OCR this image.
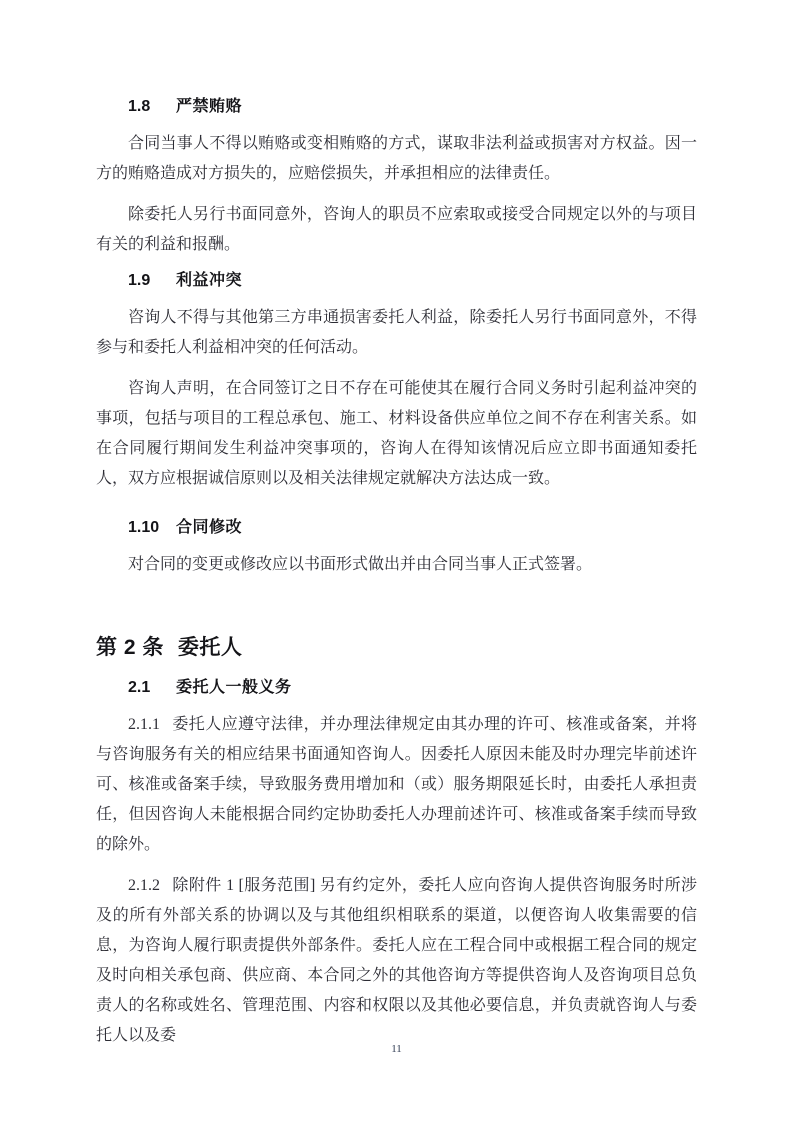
1.8 严禁贿赂

合同当事人不得以贿赂或变相贿赂的方式，谋取非法利益或损害对方权益。因一方的贿赂造成对方损失的，应赔偿损失，并承担相应的法律责任。

除委托人另行书面同意外，咨询人的职员不应索取或接受合同规定以外的与项目有关的利益和报酬。

1.9 利益冲突

咨询人不得与其他第三方串通损害委托人利益，除委托人另行书面同意外，不得参与和委托人利益相冲突的任何活动。

咨询人声明，在合同签订之日不存在可能使其在履行合同义务时引起利益冲突的事项，包括与项目的工程总承包、施工、材料设备供应单位之间不存在利害关系。如在合同履行期间发生利益冲突事项的，咨询人在得知该情况后应立即书面通知委托人，双方应根据诚信原则以及相关法律规定就解决方法达成一致。

1.10 合同修改

对合同的变更或修改应以书面形式做出并由合同当事人正式签署。

第 2 条 委托人
2.1 委托人一般义务

2.1.1 委托人应遵守法律，并办理法律规定由其办理的许可、核准或备案，并将与咨询服务有关的相应结果书面通知咨询人。因委托人原因未能及时办理完毕前述许可、核准或备案手续，导致服务费用增加和（或）服务期限延长时，由委托人承担责任，但因咨询人未能根据合同约定协助委托人办理前述许可、核准或备案手续而导致的除外。

2.1.2 除附件 1 [服务范围] 另有约定外，委托人应向咨询人提供咨询服务时所涉及的所有外部关系的协调以及与其他组织相联系的渠道，以便咨询人收集需要的信息，为咨询人履行职责提供外部条件。委托人应在工程合同中或根据工程合同的规定及时向相关承包商、供应商、本合同之外的其他咨询方等提供咨询人及咨询项目总负责人的名称或姓名、管理范围、内容和权限以及其他必要信息，并负责就咨询人与委托人以及委

11
